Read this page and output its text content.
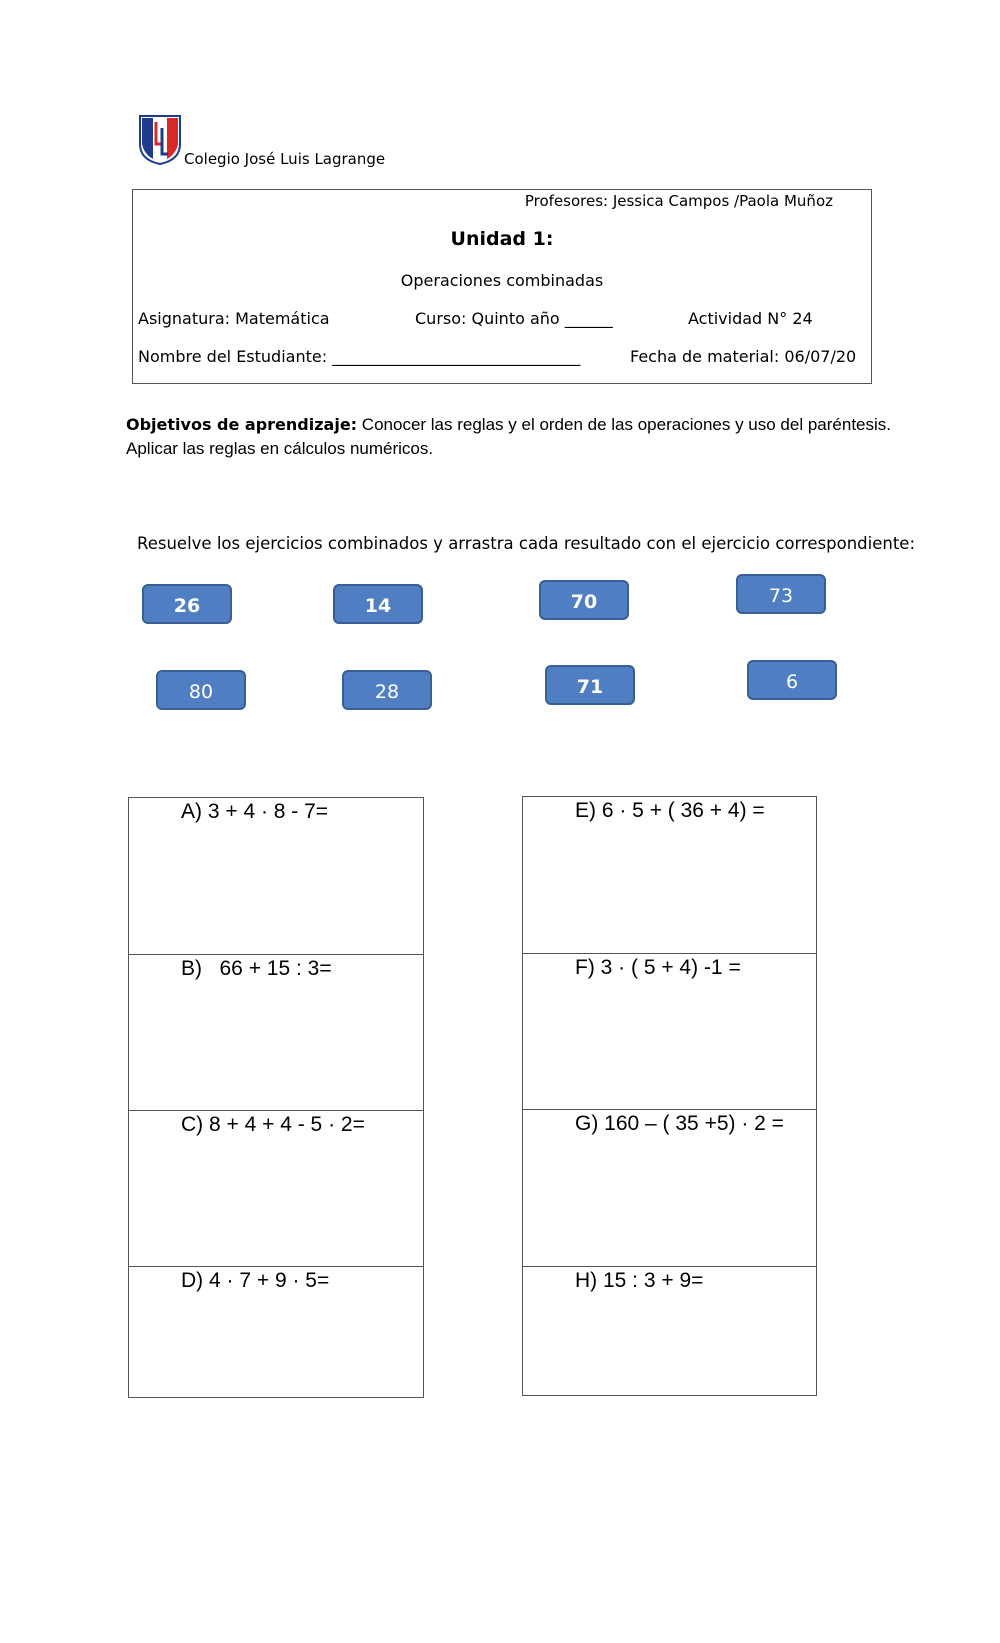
Colegio José Luis Lagrange
Profesores: Jessica Campos /Paola Muñoz
Unidad 1:
Operaciones combinadas
Asignatura: Matemática	Curso: Quinto año ______	Actividad N° 24
Nombre del Estudiante: _______________________________	Fecha de material: 06/07/20
Objetivos de aprendizaje: Conocer las reglas y el orden de las operaciones y uso del paréntesis. Aplicar las reglas en cálculos numéricos.
Resuelve los ejercicios combinados y arrastra cada resultado con el ejercicio correspondiente:
26	14	70	73
80	28	71	6
A) 3 + 4 · 8 - 7=
B)   66 + 15 : 3=
C) 8 + 4 + 4 - 5 · 2=
D) 4 · 7 + 9 · 5=
E) 6 · 5 + ( 36 + 4) =
F) 3 · ( 5 + 4) -1 =
G) 160 – ( 35 +5) · 2 =
H) 15 : 3 + 9=
